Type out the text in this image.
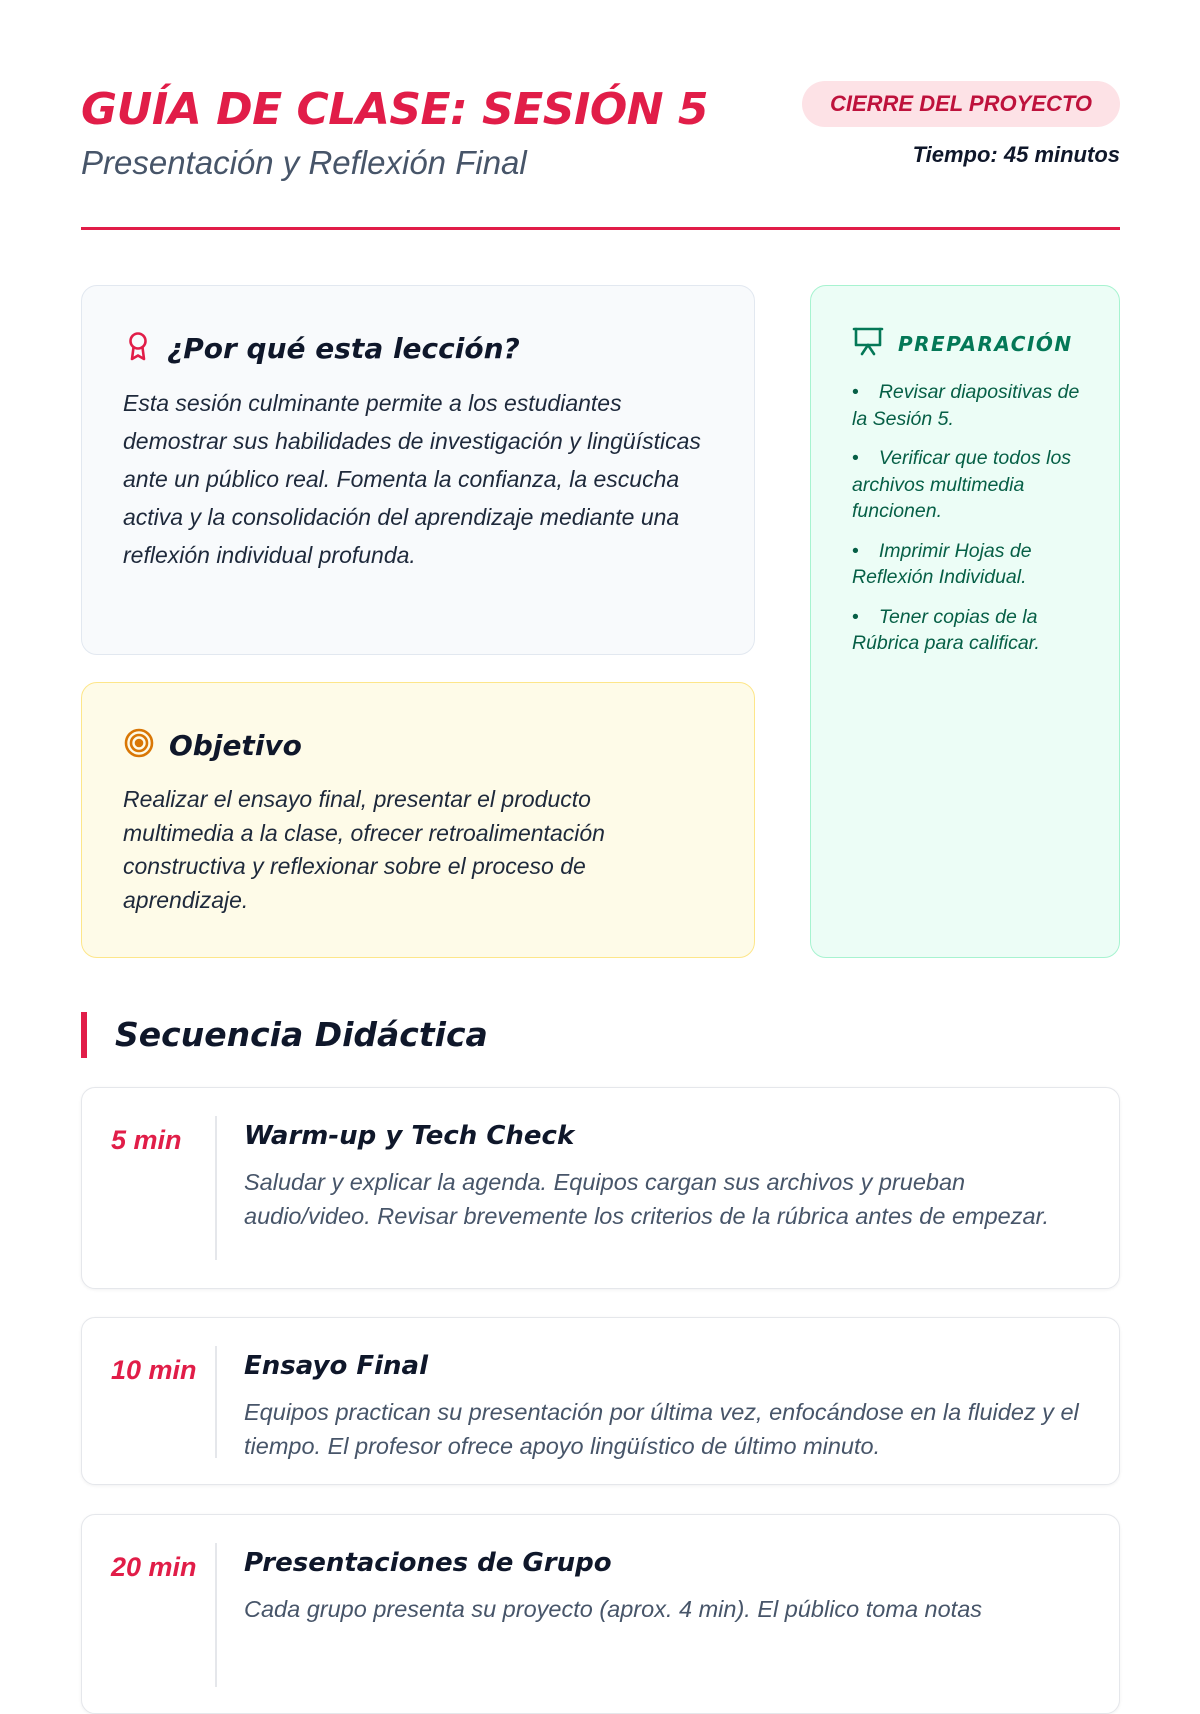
GUÍA DE CLASE: SESIÓN 5

Presentación y Reflexión Final

CIERRE DEL PROYECTO
Tiempo: 45 minutos
¿Por qué esta lección?

Esta sesión culminante permite a los estudiantes demostrar sus habilidades de investigación y lingüísticas ante un público real. Fomenta la confianza, la escucha activa y la consolidación del aprendizaje mediante una reflexión individual profunda.

Objetivo

Realizar el ensayo final, presentar el producto multimedia a la clase, ofrecer retroalimentación constructiva y reflexionar sobre el proceso de aprendizaje.

PREPARACIÓN
• Revisar diapositivas de la Sesión 5.
• Verificar que todos los archivos multimedia funcionen.
• Imprimir Hojas de Reflexión Individual.
• Tener copias de la Rúbrica para calificar.
Secuencia Didáctica

5 min	Warm-up y Tech Check

Saludar y explicar la agenda. Equipos cargan sus archivos y prueban audio/video. Revisar brevemente los criterios de la rúbrica antes de empezar.

10 min	Ensayo Final

Equipos practican su presentación por última vez, enfocándose en la fluidez y el tiempo. El profesor ofrece apoyo lingüístico de último minuto.

20 min	Presentaciones de Grupo

Cada grupo presenta su proyecto (aprox. 4 min). El público toma notas
